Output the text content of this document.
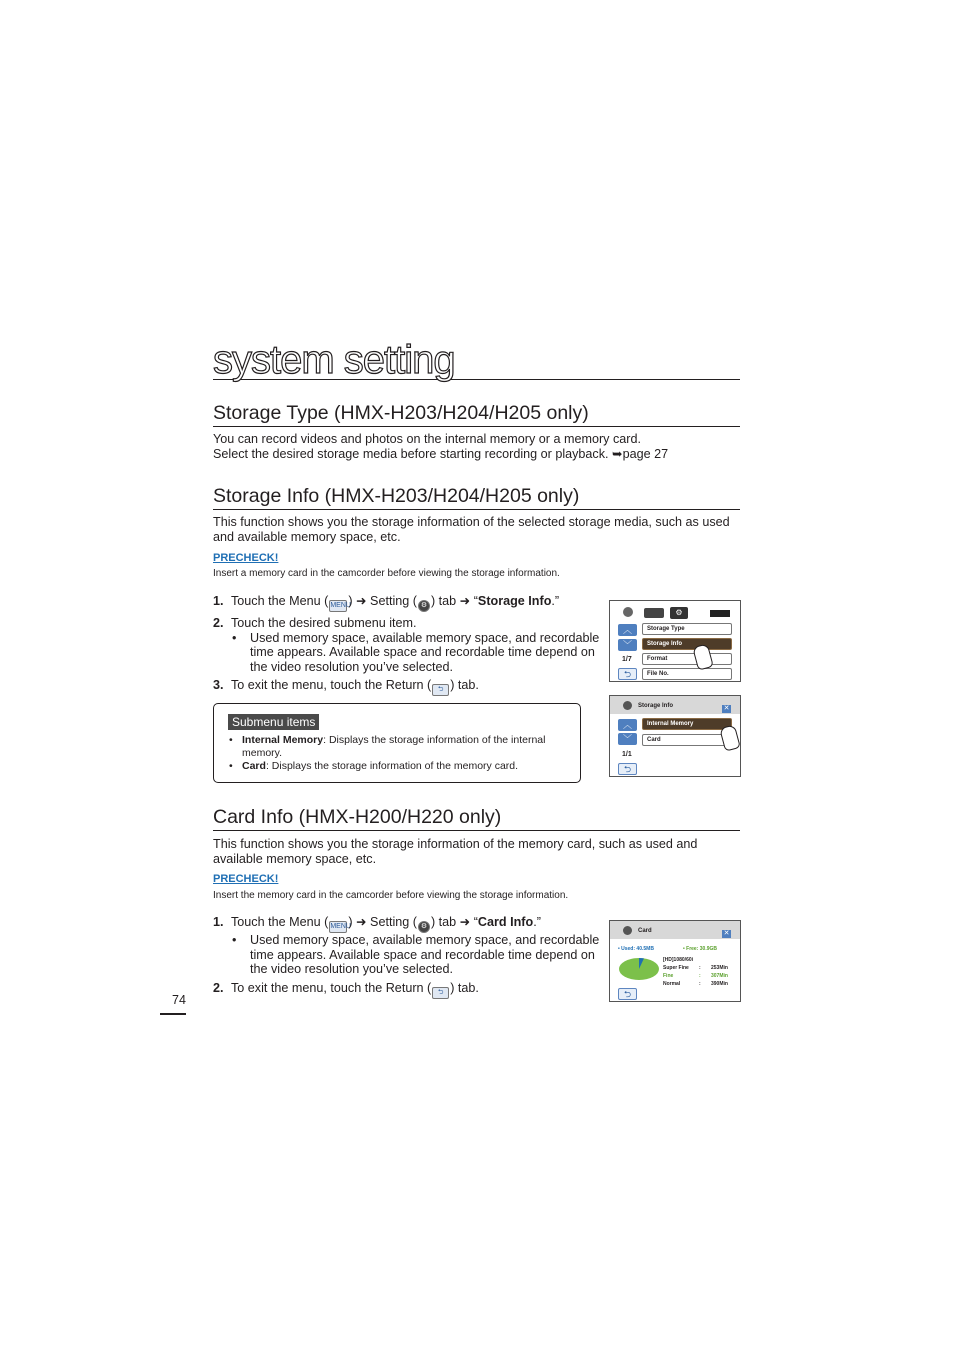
system setting
Storage Type (HMX-H203/H204/H205 only)
You can record videos and photos on the internal memory or a memory card.
Select the desired storage media before starting recording or playback. ➥page 27
Storage Info (HMX-H203/H204/H205 only)
This function shows you the storage information of the selected storage media, such as used and available memory space, etc.
PRECHECK!
Insert a memory card in the camcorder before viewing the storage information.
1. Touch the Menu ( MENU) ➜ Setting ( ⚙ ) tab ➜ “Storage Info.”
2. Touch the desired submenu item.
• Used memory space, available memory space, and recordable time appears. Available space and recordable time depend on the video resolution you’ve selected.
3. To exit the menu, touch the Return ( ⮌ ) tab.
Submenu items
• Internal Memory: Displays the storage information of the internal memory.
• Card: Displays the storage information of the memory card.
⚙
︿
﹀
1/7
⮌
Storage Type
Storage Info
Format
File No.
Storage Info	✕
︿
﹀
1/1
⮌
Internal Memory
Card
Card Info (HMX-H200/H220 only)
This function shows you the storage information of the memory card, such as used and available memory space, etc.
PRECHECK!
Insert the memory card in the camcorder before viewing the storage information.
1. Touch the Menu ( MENU) ➜ Setting ( ⚙ ) tab ➜ “Card Info.”
• Used memory space, available memory space, and recordable time appears. Available space and recordable time depend on the video resolution you’ve selected.
2. To exit the menu, touch the Return ( ⮌ ) tab.
Card	✕
• Used: 40.5MB	• Free: 30.9GB
[HD]1080/60i
Super Fine : 253Min
Fine	: 307Min
Normal	: 390Min
⮌
74
